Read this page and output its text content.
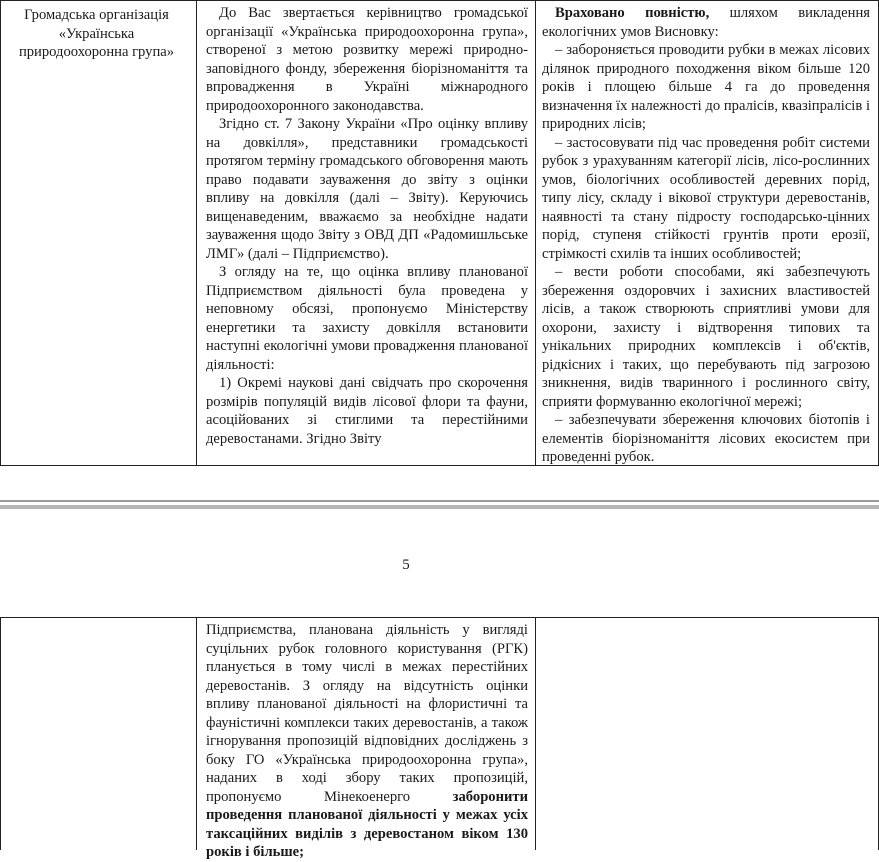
Громадська організація
«Українська
природоохоронна група»

До Вас звертається керівництво громадської організації «Українська природоохоронна група», створеної з метою розвитку мережі природно-заповідного фонду, збереження біорізноманіття та впровадження в Україні міжнародного природоохоронного законодавства.

Згідно ст. 7 Закону України «Про оцінку впливу на довкілля», представники громадськості протягом терміну громадського обговорення мають право подавати зауваження до звіту з оцінки впливу на довкілля (далі – Звіту). Керуючись вищенаведеним, вважаємо за необхідне надати зауваження щодо Звіту з ОВД ДП «Радомишльське ЛМГ» (далі – Підприємство).

З огляду на те, що оцінка впливу планованої Підприємством діяльності була проведена у неповному обсязі, пропонуємо Міністерству енергетики та захисту довкілля встановити наступні екологічні умови провадження планованої діяльності:

1) Окремі наукові дані свідчать про скорочення розмірів популяцій видів лісової флори та фауни, асоційованих зі стиглими та перестійними деревостанами. Згідно Звіту

Враховано повністю, шляхом викладення екологічних умов Висновку:

– забороняється проводити рубки в межах лісових ділянок природного походження віком більше 120 років і площею більше 4 га до проведення визначення їх належності до пралісів, квазіпралісів і природних лісів;

– застосовувати під час проведення робіт системи рубок з урахуванням категорії лісів, лісо-рослинних умов, біологічних особливостей деревних порід, типу лісу, складу і вікової структури деревостанів, наявності та стану підросту господарсько-цінних порід, ступеня стійкості грунтів проти ерозії, стрімкості схилів та інших особливостей;

– вести роботи способами, які забезпечують збереження оздоровчих і захисних властивостей лісів, а також створюють сприятливі умови для охорони, захисту і відтворення типових та унікальних природних комплексів і об'єктів, рідкісних і таких, що перебувають під загрозою зникнення, видів тваринного і рослинного світу, сприяти формуванню екологічної мережі;

– забезпечувати збереження ключових біотопів і елементів біорізноманіття лісових екосистем при проведенні рубок.

5

Підприємства, планована діяльність у вигляді суцільних рубок головного користування (РГК) планується в тому числі в межах перестійних деревостанів. З огляду на відсутність оцінки впливу планованої діяльності на флористичні та фауністичні комплекси таких деревостанів, а також ігнорування пропозицій відповідних досліджень з боку ГО «Українська природоохоронна група», наданих в ході збору таких пропозицій, пропонуємо Мінекоенерго заборонити проведення планованої діяльності у межах усіх таксаційних виділів з деревостаном віком 130 років і більше;
